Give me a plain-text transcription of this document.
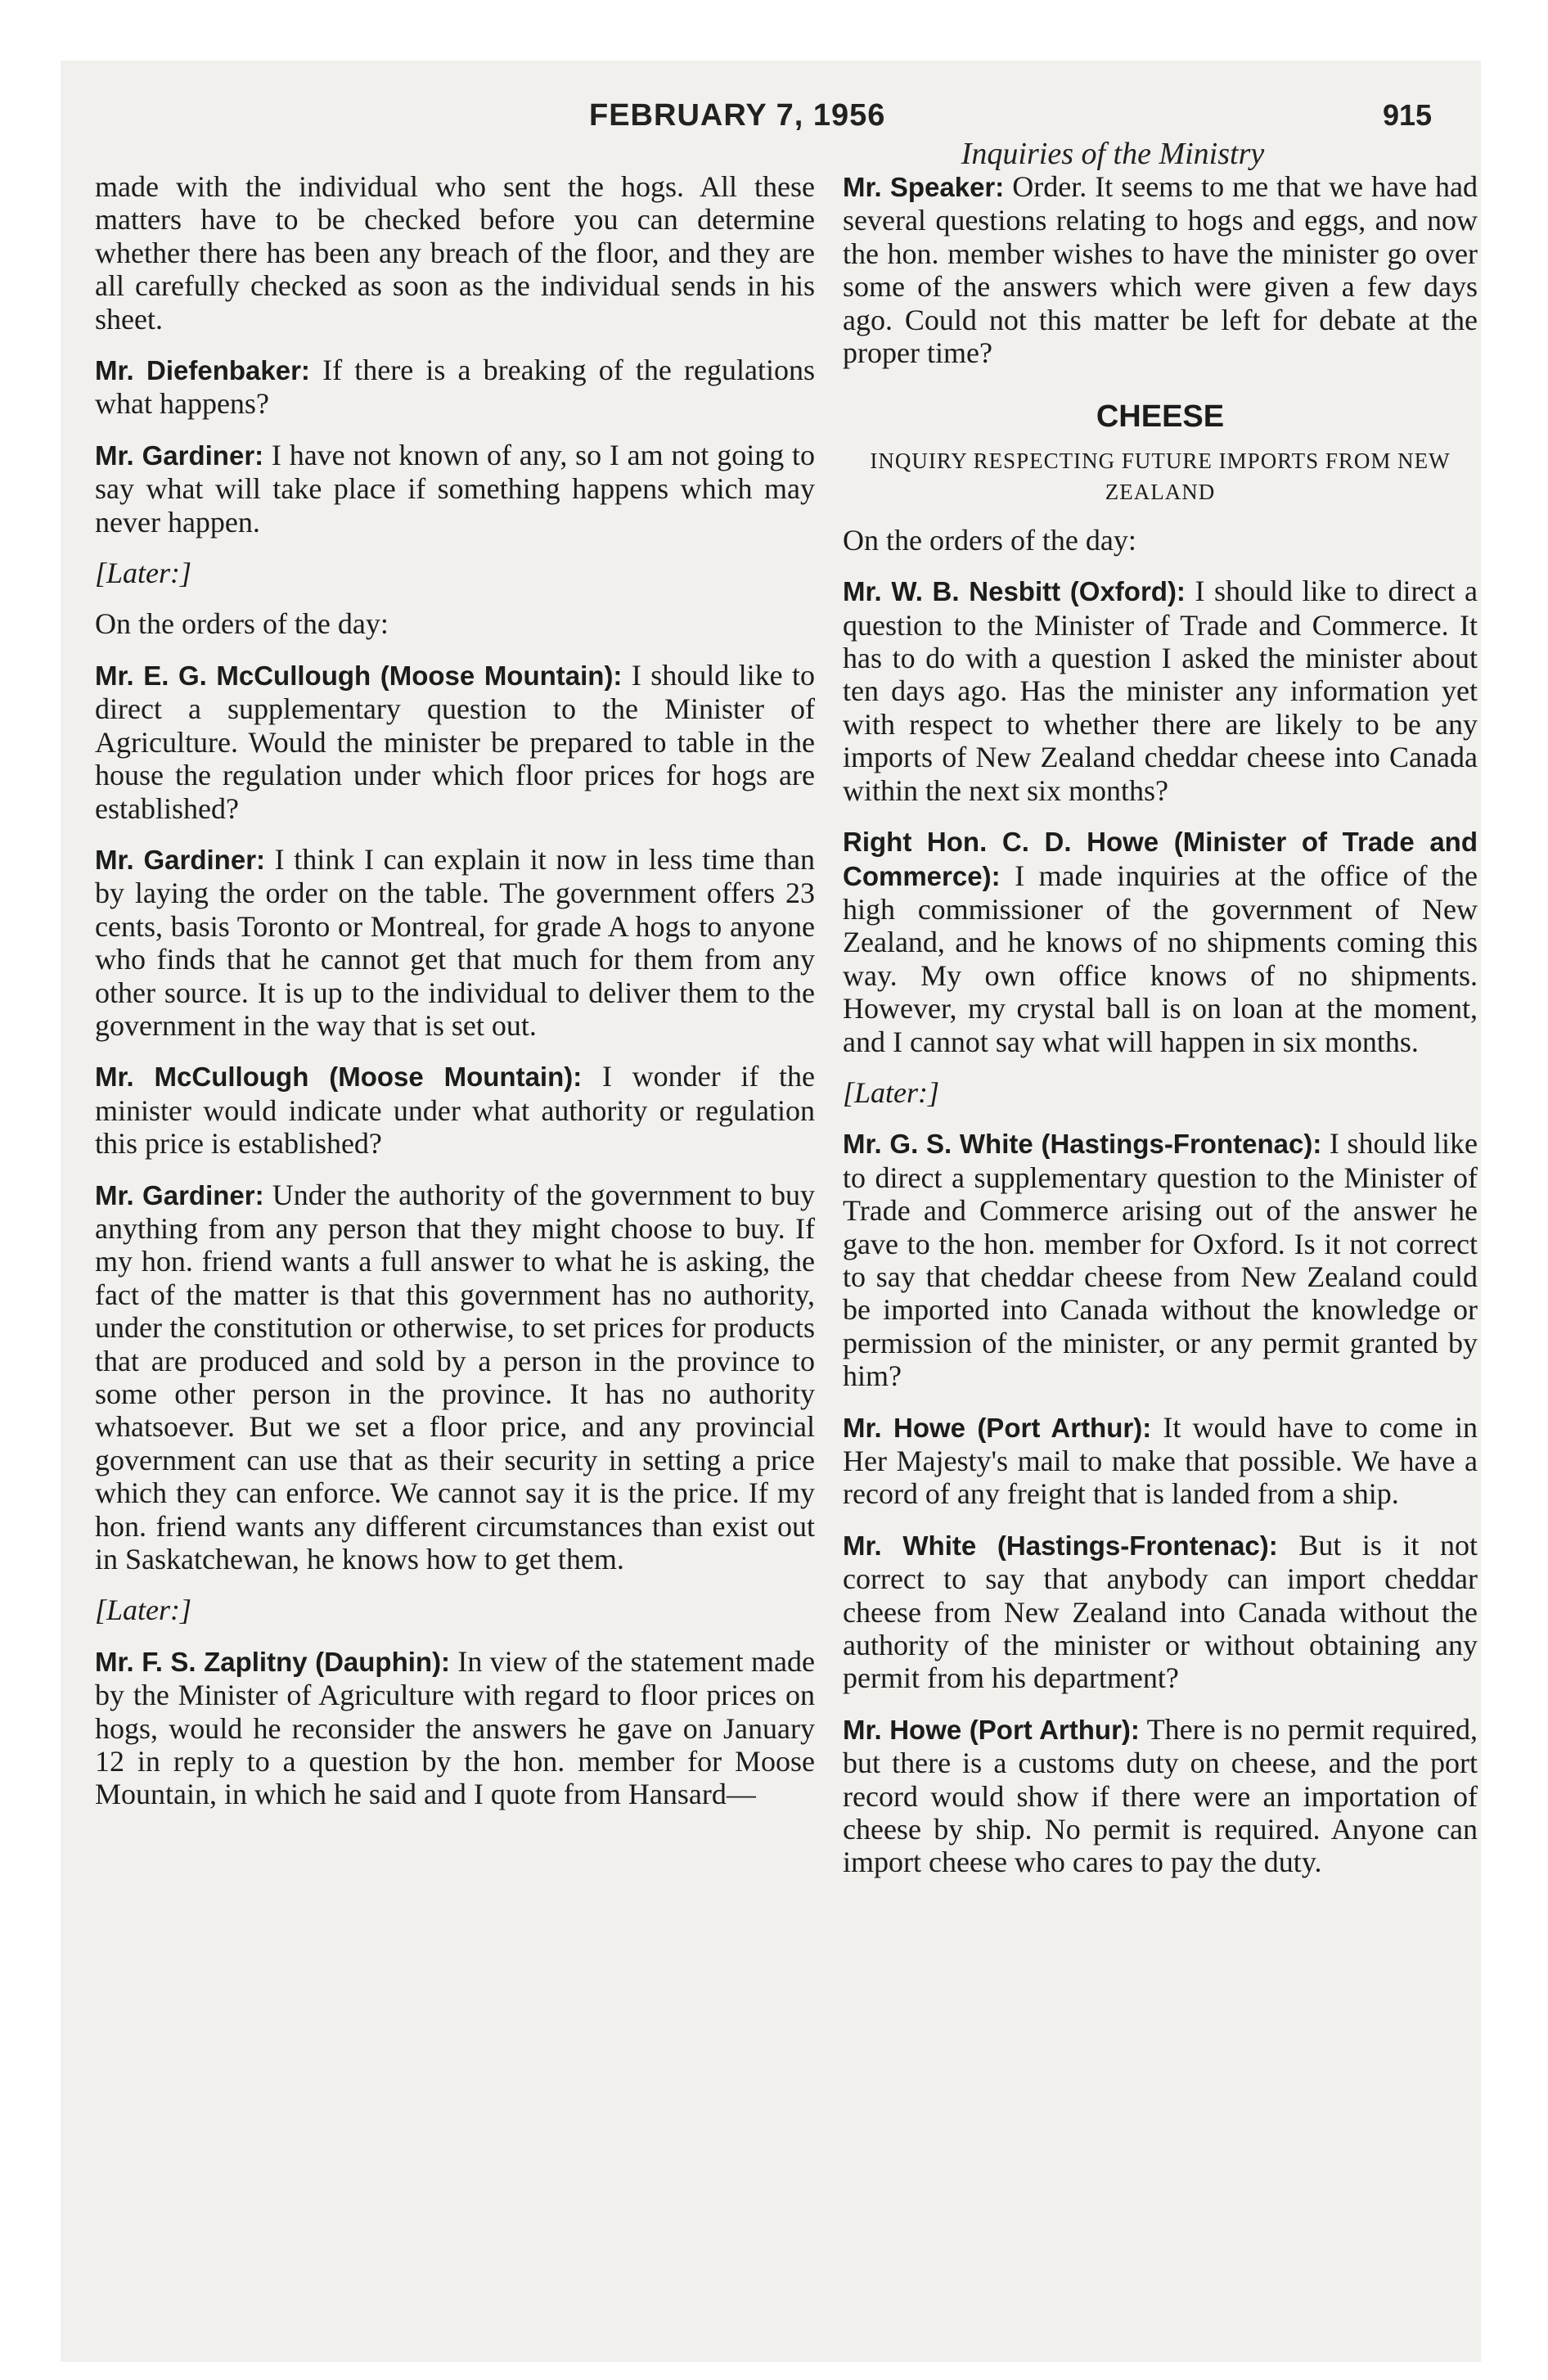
FEBRUARY 7, 1956	915
Inquiries of the Ministry

made with the individual who sent the hogs. All these matters have to be checked before you can determine whether there has been any breach of the floor, and they are all carefully checked as soon as the individual sends in his sheet.

Mr. Diefenbaker: If there is a breaking of the regulations what happens?

Mr. Gardiner: I have not known of any, so I am not going to say what will take place if something happens which may never happen.

[Later:]

On the orders of the day:

Mr. E. G. McCullough (Moose Mountain): I should like to direct a supplementary question to the Minister of Agriculture. Would the minister be prepared to table in the house the regulation under which floor prices for hogs are established?

Mr. Gardiner: I think I can explain it now in less time than by laying the order on the table. The government offers 23 cents, basis Toronto or Montreal, for grade A hogs to anyone who finds that he cannot get that much for them from any other source. It is up to the individual to deliver them to the government in the way that is set out.

Mr. McCullough (Moose Mountain): I wonder if the minister would indicate under what authority or regulation this price is established?

Mr. Gardiner: Under the authority of the government to buy anything from any person that they might choose to buy. If my hon. friend wants a full answer to what he is asking, the fact of the matter is that this government has no authority, under the constitution or otherwise, to set prices for products that are produced and sold by a person in the province to some other person in the province. It has no authority whatsoever. But we set a floor price, and any provincial government can use that as their security in setting a price which they can enforce. We cannot say it is the price. If my hon. friend wants any different circumstances than exist out in Saskatchewan, he knows how to get them.

[Later:]

Mr. F. S. Zaplitny (Dauphin): In view of the statement made by the Minister of Agriculture with regard to floor prices on hogs, would he reconsider the answers he gave on January 12 in reply to a question by the hon. member for Moose Mountain, in which he said and I quote from Hansard—

Mr. Speaker: Order. It seems to me that we have had several questions relating to hogs and eggs, and now the hon. member wishes to have the minister go over some of the answers which were given a few days ago. Could not this matter be left for debate at the proper time?

CHEESE

INQUIRY RESPECTING FUTURE IMPORTS FROM NEW ZEALAND

On the orders of the day:

Mr. W. B. Nesbitt (Oxford): I should like to direct a question to the Minister of Trade and Commerce. It has to do with a question I asked the minister about ten days ago. Has the minister any information yet with respect to whether there are likely to be any imports of New Zealand cheddar cheese into Canada within the next six months?

Right Hon. C. D. Howe (Minister of Trade and Commerce): I made inquiries at the office of the high commissioner of the government of New Zealand, and he knows of no shipments coming this way. My own office knows of no shipments. However, my crystal ball is on loan at the moment, and I cannot say what will happen in six months.

[Later:]

Mr. G. S. White (Hastings-Frontenac): I should like to direct a supplementary question to the Minister of Trade and Commerce arising out of the answer he gave to the hon. member for Oxford. Is it not correct to say that cheddar cheese from New Zealand could be imported into Canada without the knowledge or permission of the minister, or any permit granted by him?

Mr. Howe (Port Arthur): It would have to come in Her Majesty's mail to make that possible. We have a record of any freight that is landed from a ship.

Mr. White (Hastings-Frontenac): But is it not correct to say that anybody can import cheddar cheese from New Zealand into Canada without the authority of the minister or without obtaining any permit from his department?

Mr. Howe (Port Arthur): There is no permit required, but there is a customs duty on cheese, and the port record would show if there were an importation of cheese by ship. No permit is required. Anyone can import cheese who cares to pay the duty.
